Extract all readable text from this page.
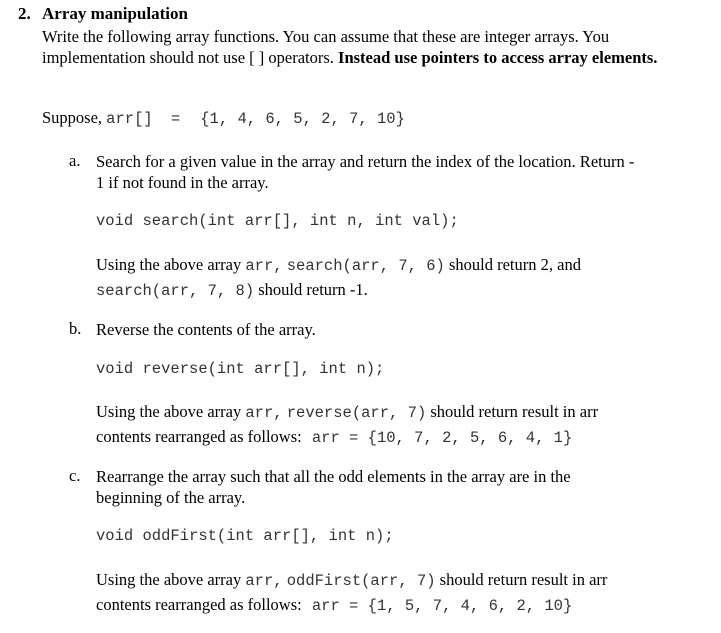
2. Array manipulation
Write the following array functions. You can assume that these are integer arrays. You implementation should not use [ ] operators. Instead use pointers to access array elements.
Suppose, arr[] = {1, 4, 6, 5, 2, 7, 10}
a. Search for a given value in the array and return the index of the location. Return -
1 if not found in the array.
void search(int arr[], int n, int val);
Using the above array arr, search(arr, 7, 6) should return 2, and
search(arr, 7, 8) should return -1.
b. Reverse the contents of the array.
void reverse(int arr[], int n);
Using the above array arr, reverse(arr, 7) should return result in arr
contents rearranged as follows: arr = {10, 7, 2, 5, 6, 4, 1}
c. Rearrange the array such that all the odd elements in the array are in the
beginning of the array.
void oddFirst(int arr[], int n);
Using the above array arr, oddFirst(arr, 7) should return result in arr
contents rearranged as follows: arr = {1, 5, 7, 4, 6, 2, 10}
